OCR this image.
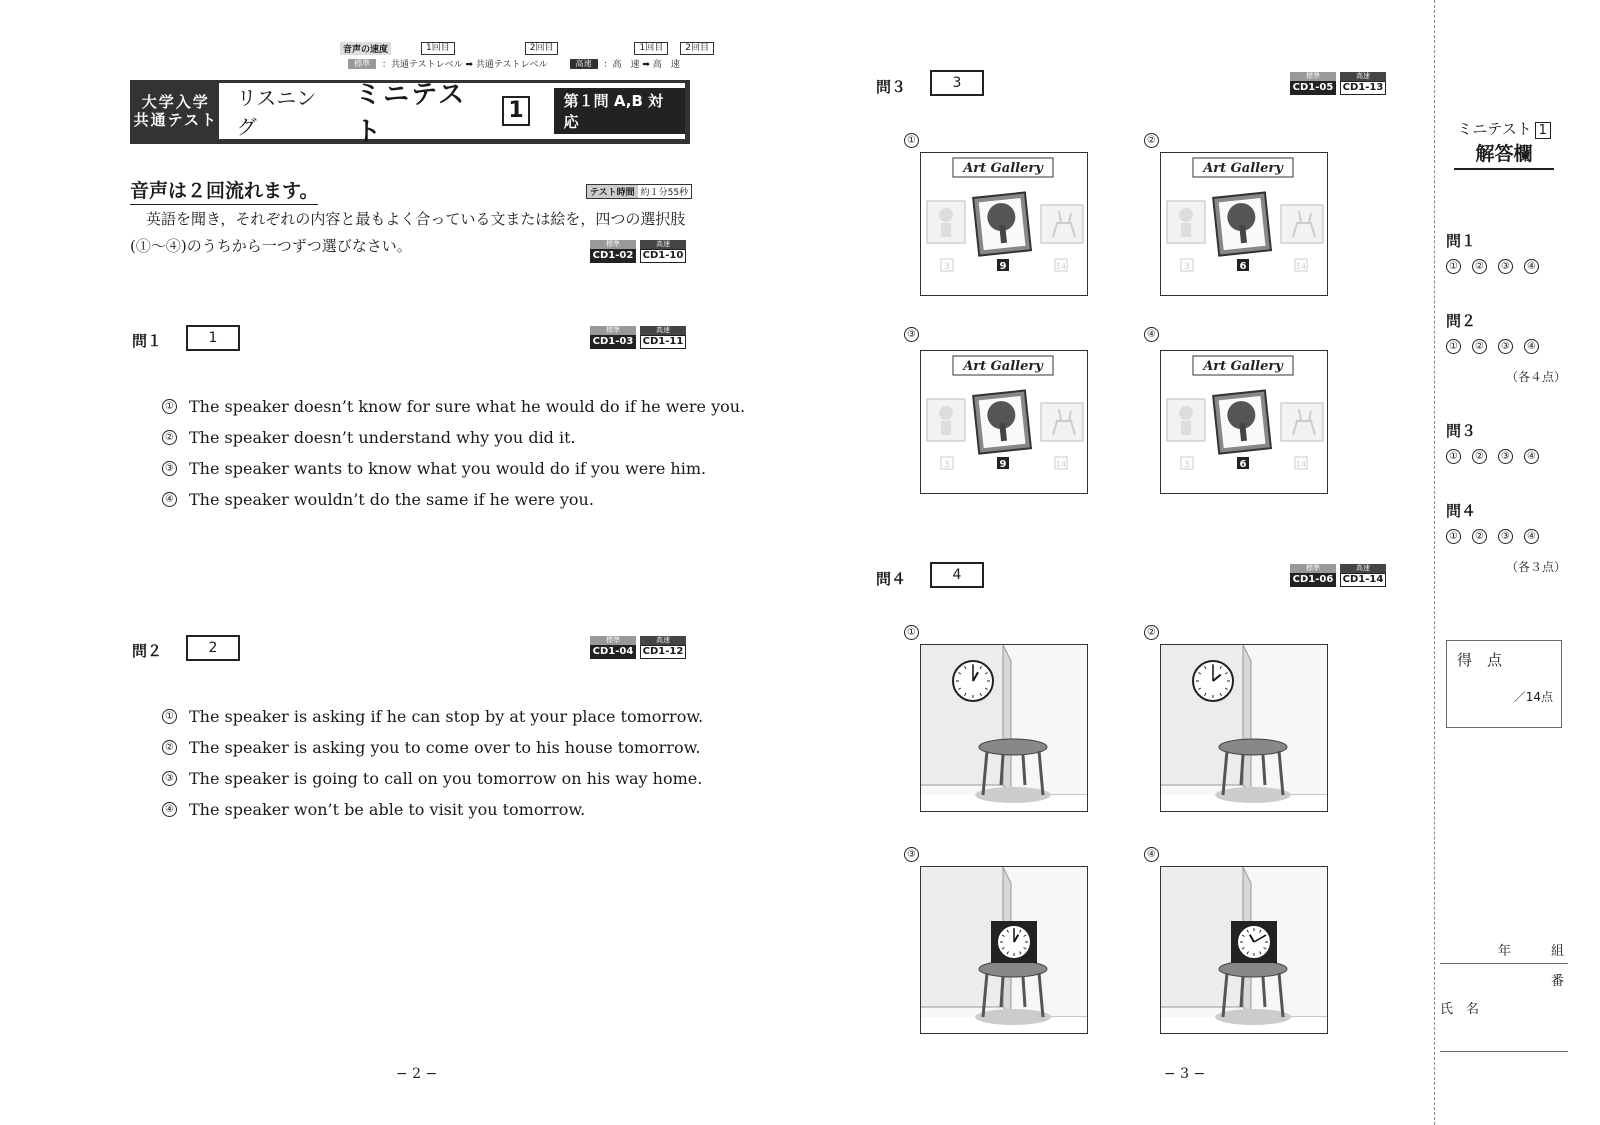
音声の速度	1回目	2回目	1回目	2回目
標準	：共通テストレベル ➡ 共通テストレベル	高速	：高　速 ➡ 高　速
大学入学
共通テスト
リスニング
ミニテスト
1	第１問 A,B 対応
音声は２回流れます。	テスト時間 約１分55秒
英語を聞き，それぞれの内容と最もよく合っている文または絵を，四つの選択肢
(①〜④)のうちから一つずつ選びなさい。	標準
CD1-02
高速
CD1-10
問１	1	標準
CD1-03
高速
CD1-11
① The speaker doesn’t know for sure what he would do if he were you.
② The speaker doesn’t understand why you did it.
③ The speaker wants to know what you would do if you were him.
④ The speaker wouldn’t do the same if he were you.
問２	2	標準
CD1-04
高速
CD1-12
① The speaker is asking if he can stop by at your place tomorrow.
② The speaker is asking you to come over to his house tomorrow.
③ The speaker is going to call on you tomorrow on his way home.
④ The speaker won’t be able to visit you tomorrow.
− 2 −
問３	3	標準
CD1-05
高速
CD1-13
①
Art Gallery
3	9	14
②
Art Gallery
3	6	14
③
Art Gallery
3	9	14
④
Art Gallery
3	6	14
問４	4	標準
CD1-06
高速
CD1-14
①	②
③	④
− 3 −
ミニテスト 1
解答欄
問１
①	②	③	④
問２
①	②	③	④
（各４点）
問３
①	②	③	④
問４
①	②	③	④
（各３点）
得　点
／14点
年	組
番
氏　名
